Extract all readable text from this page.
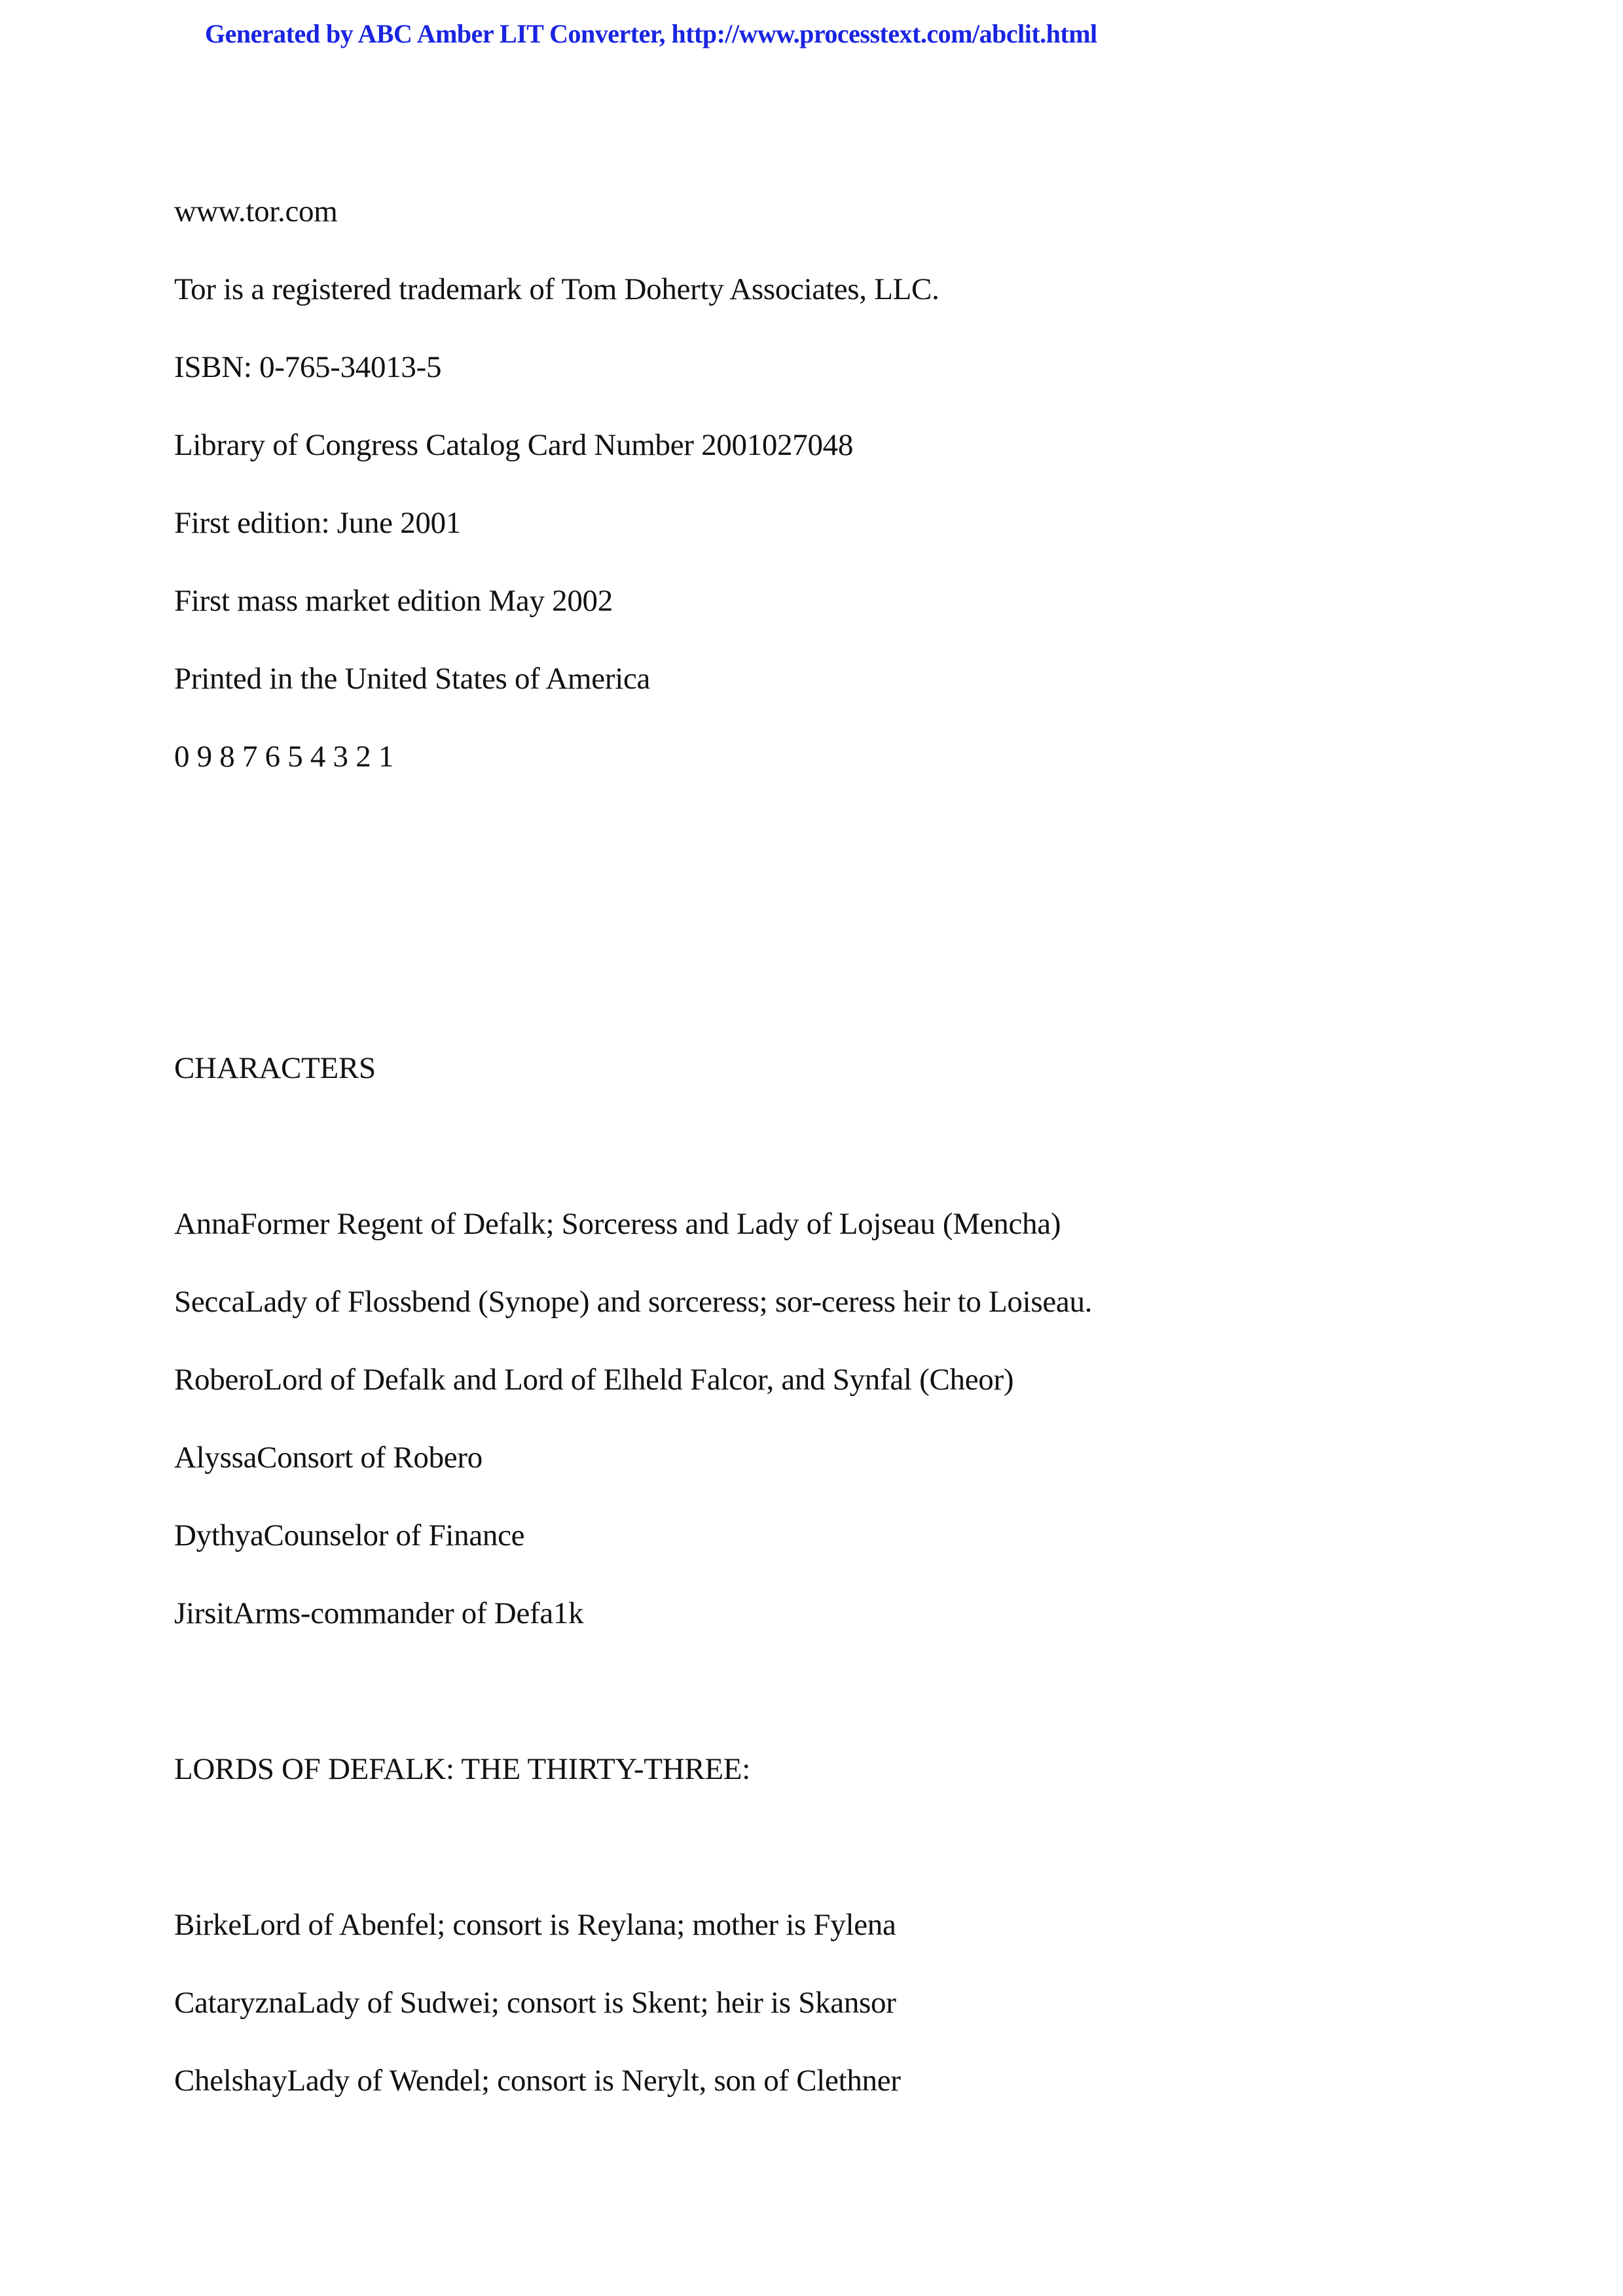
Generated by ABC Amber LIT Converter, http://www.processtext.com/abclit.html
www.tor.com
Tor is a registered trademark of Tom Doherty Associates, LLC.
ISBN: 0-765-34013-5
Library of Congress Catalog Card Number 2001027048
First edition: June 2001
First mass market edition May 2002
Printed in the United States of America
0 9 8 7 6 5 4 3 2 1
CHARACTERS
AnnaFormer Regent of Defalk; Sorceress and Lady of Lojseau (Mencha)
SeccaLady of Flossbend (Synope) and sorceress; sor-ceress heir to Loiseau.
RoberoLord of Defalk and Lord of Elheld Falcor, and Synfal (Cheor)
AlyssaConsort of Robero
DythyaCounselor of Finance
JirsitArms-commander of Defa1k
LORDS OF DEFALK: THE THIRTY-THREE:
BirkeLord of Abenfel; consort is Reylana; mother is Fylena
CataryznaLady of Sudwei; consort is Skent; heir is Skansor
ChelshayLady of Wendel; consort is Nerylt, son of Clethner
